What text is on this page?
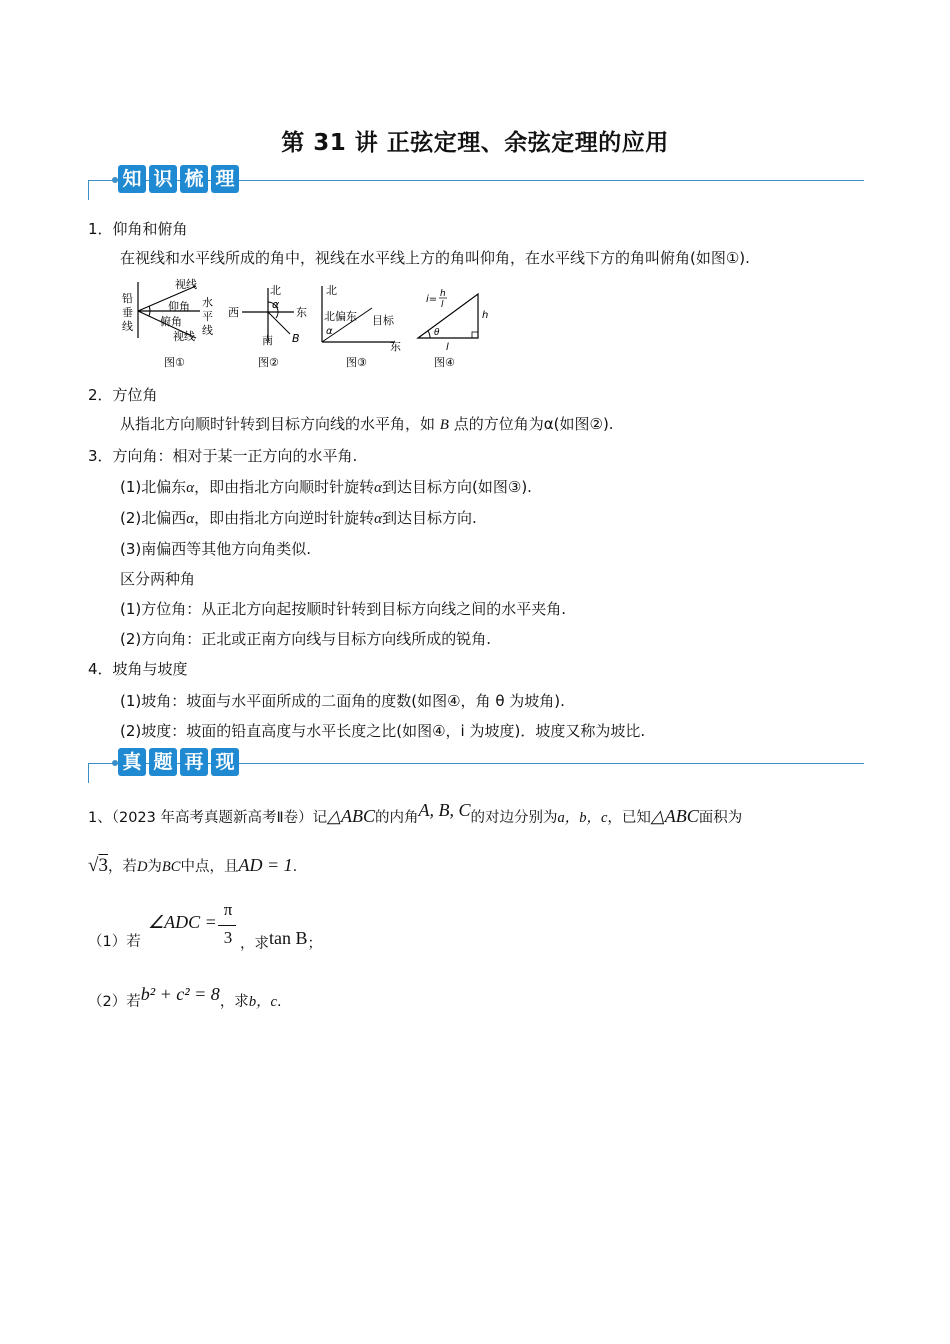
第 31 讲 正弦定理、余弦定理的应用
知 识 梳 理
1．仰角和俯角
在视线和水平线所成的角中，视线在水平线上方的角叫仰角，在水平线下方的角叫俯角(如图①).
视线
仰角
俯角
视线
铅
垂
线
水
平
线
图①
北
西	东
南
α
B
图②
北
北偏东 目标
α
东
图③
i= h
l
θ
h
l
图④
2．方位角
从指北方向顺时针转到目标方向线的水平角，如 B 点的方位角为α(如图②).
3．方向角：相对于某一正方向的水平角.
(1)北偏东α，即由指北方向顺时针旋转α到达目标方向(如图③).
(2)北偏西α，即由指北方向逆时针旋转α到达目标方向.
(3)南偏西等其他方向角类似.
区分两种角
(1)方位角：从正北方向起按顺时针转到目标方向线之间的水平夹角.
(2)方向角：正北或正南方向线与目标方向线所成的锐角.
4．坡角与坡度
(1)坡角：坡面与水平面所成的二面角的度数(如图④，角 θ 为坡角).
(2)坡度：坡面的铅直高度与水平长度之比(如图④，i 为坡度)．坡度又称为坡比.
真 题 再 现
1、（2023 年高考真题新高考Ⅱ卷）记△ABC的内角A, B, C的对边分别为a，b，c，已知△ABC面积为
√3，若D为BC中点，且AD = 1.
（1）若
∠ADC =
π
3 ，求tan B；
（2）若b² + c² = 8，求b，c.
